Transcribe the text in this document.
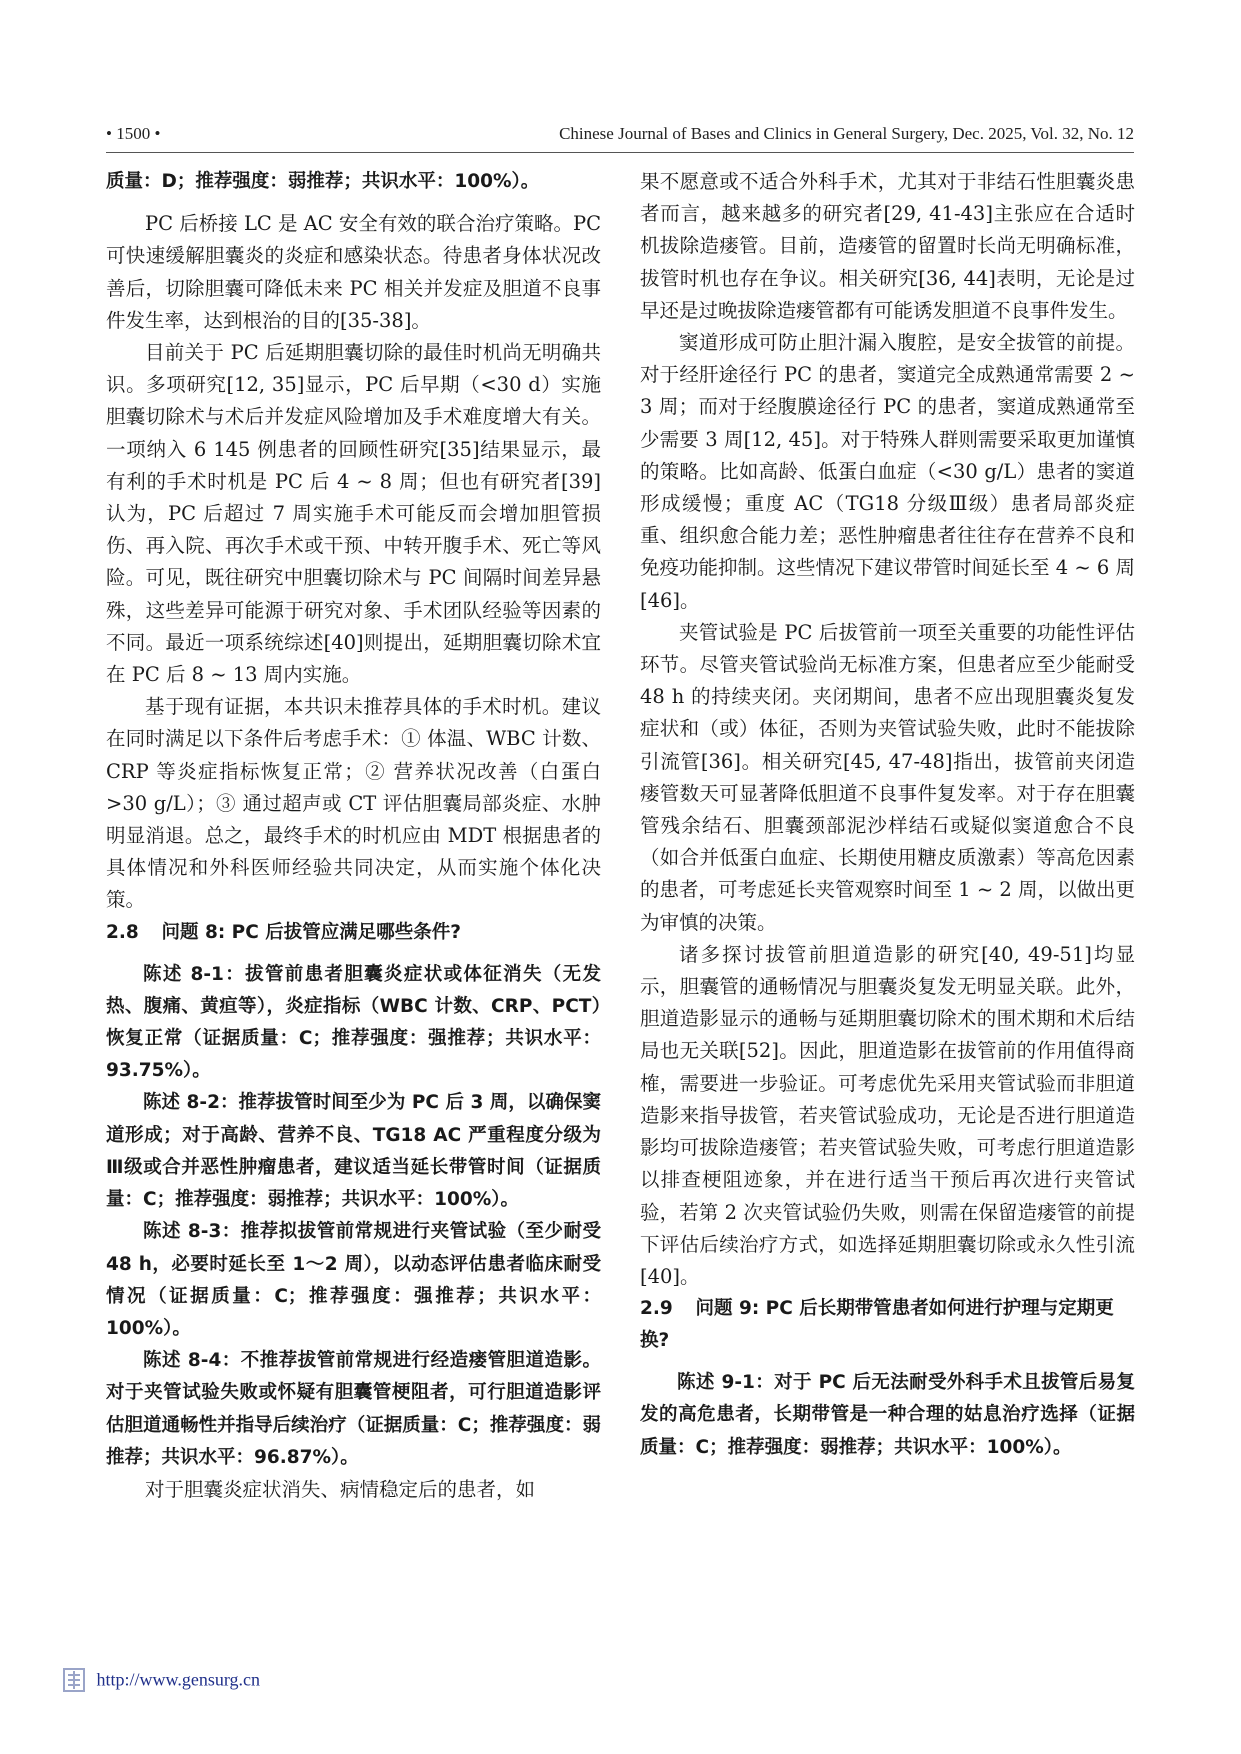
• 1500 •	Chinese Journal of Bases and Clinics in General Surgery, Dec. 2025, Vol. 32, No. 12

质量：D；推荐强度：弱推荐；共识水平：100%）。

PC 后桥接 LC 是 AC 安全有效的联合治疗策略。PC 可快速缓解胆囊炎的炎症和感染状态。待患者身体状况改善后，切除胆囊可降低未来 PC 相关并发症及胆道不良事件发生率，达到根治的目的[35-38]。

目前关于 PC 后延期胆囊切除的最佳时机尚无明确共识。多项研究[12, 35]显示，PC 后早期（<30 d）实施胆囊切除术与术后并发症风险增加及手术难度增大有关。一项纳入 6 145 例患者的回顾性研究[35]结果显示，最有利的手术时机是 PC 后 4 ~ 8 周；但也有研究者[39]认为，PC 后超过 7 周实施手术可能反而会增加胆管损伤、再入院、再次手术或干预、中转开腹手术、死亡等风险。可见，既往研究中胆囊切除术与 PC 间隔时间差异悬殊，这些差异可能源于研究对象、手术团队经验等因素的不同。最近一项系统综述[40]则提出，延期胆囊切除术宜在 PC 后 8 ~ 13 周内实施。

基于现有证据，本共识未推荐具体的手术时机。建议在同时满足以下条件后考虑手术：① 体温、WBC 计数、CRP 等炎症指标恢复正常；② 营养状况改善（白蛋白>30 g/L）；③ 通过超声或 CT 评估胆囊局部炎症、水肿明显消退。总之，最终手术的时机应由 MDT 根据患者的具体情况和外科医师经验共同决定，从而实施个体化决策。

2.8 问题 8: PC 后拔管应满足哪些条件?

陈述 8-1：拔管前患者胆囊炎症状或体征消失（无发热、腹痛、黄疸等），炎症指标（WBC 计数、CRP、PCT）恢复正常（证据质量：C；推荐强度：强推荐；共识水平：93.75%）。

陈述 8-2：推荐拔管时间至少为 PC 后 3 周，以确保窦道形成；对于高龄、营养不良、TG18 AC 严重程度分级为Ⅲ级或合并恶性肿瘤患者，建议适当延长带管时间（证据质量：C；推荐强度：弱推荐；共识水平：100%）。

陈述 8-3：推荐拟拔管前常规进行夹管试验（至少耐受 48 h，必要时延长至 1～2 周），以动态评估患者临床耐受情况（证据质量：C；推荐强度：强推荐；共识水平：100%）。

陈述 8-4：不推荐拔管前常规进行经造瘘管胆道造影。对于夹管试验失败或怀疑有胆囊管梗阻者，可行胆道造影评估胆道通畅性并指导后续治疗（证据质量：C；推荐强度：弱推荐；共识水平：96.87%）。

对于胆囊炎症状消失、病情稳定后的患者，如

果不愿意或不适合外科手术，尤其对于非结石性胆囊炎患者而言，越来越多的研究者[29, 41-43]主张应在合适时机拔除造瘘管。目前，造瘘管的留置时长尚无明确标准，拔管时机也存在争议。相关研究[36, 44]表明，无论是过早还是过晚拔除造瘘管都有可能诱发胆道不良事件发生。

窦道形成可防止胆汁漏入腹腔，是安全拔管的前提。对于经肝途径行 PC 的患者，窦道完全成熟通常需要 2 ~ 3 周；而对于经腹膜途径行 PC 的患者，窦道成熟通常至少需要 3 周[12, 45]。对于特殊人群则需要采取更加谨慎的策略。比如高龄、低蛋白血症（<30 g/L）患者的窦道形成缓慢；重度 AC（TG18 分级Ⅲ级）患者局部炎症重、组织愈合能力差；恶性肿瘤患者往往存在营养不良和免疫功能抑制。这些情况下建议带管时间延长至 4 ~ 6 周[46]。

夹管试验是 PC 后拔管前一项至关重要的功能性评估环节。尽管夹管试验尚无标准方案，但患者应至少能耐受 48 h 的持续夹闭。夹闭期间，患者不应出现胆囊炎复发症状和（或）体征，否则为夹管试验失败，此时不能拔除引流管[36]。相关研究[45, 47-48]指出，拔管前夹闭造瘘管数天可显著降低胆道不良事件复发率。对于存在胆囊管残余结石、胆囊颈部泥沙样结石或疑似窦道愈合不良（如合并低蛋白血症、长期使用糖皮质激素）等高危因素的患者，可考虑延长夹管观察时间至 1 ~ 2 周，以做出更为审慎的决策。

诸多探讨拔管前胆道造影的研究[40, 49-51]均显示，胆囊管的通畅情况与胆囊炎复发无明显关联。此外，胆道造影显示的通畅与延期胆囊切除术的围术期和术后结局也无关联[52]。因此，胆道造影在拔管前的作用值得商榷，需要进一步验证。可考虑优先采用夹管试验而非胆道造影来指导拔管，若夹管试验成功，无论是否进行胆道造影均可拔除造瘘管；若夹管试验失败，可考虑行胆道造影以排查梗阻迹象，并在进行适当干预后再次进行夹管试验，若第 2 次夹管试验仍失败，则需在保留造瘘管的前提下评估后续治疗方式，如选择延期胆囊切除或永久性引流[40]。

2.9 问题 9: PC 后长期带管患者如何进行护理与定期更换?

陈述 9-1：对于 PC 后无法耐受外科手术且拔管后易复发的高危患者，长期带管是一种合理的姑息治疗选择（证据质量：C；推荐强度：弱推荐；共识水平：100%）。

http://www.gensurg.cn
